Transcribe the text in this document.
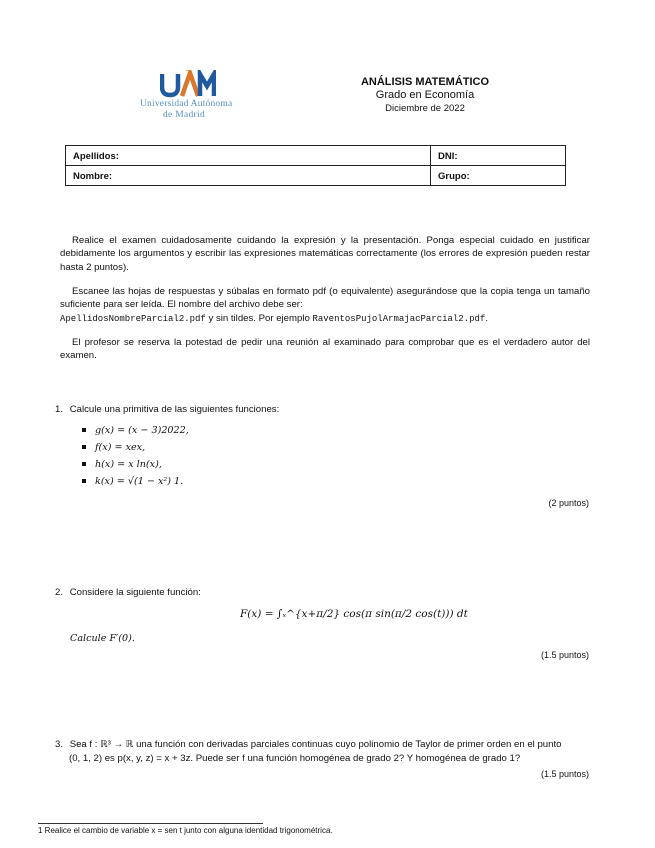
Universidad Autónoma
de Madrid
ANÁLISIS MATEMÁTICO
Grado en Economía
Diciembre de 2022
Apellidos:	DNI:
Nombre:	Grupo:
Realice el examen cuidadosamente cuidando la expresión y la presentación. Ponga especial cuidado en justificar debidamente los argumentos y escribir las expresiones matemáticas correctamente (los errores de expresión pueden restar hasta 2 puntos).
Escanee las hojas de respuestas y súbalas en formato pdf (o equivalente) asegurándose que la copia tenga un tamaño suficiente para ser leída. El nombre del archivo debe ser:
ApellidosNombreParcial2.pdf y sin tildes. Por ejemplo RaventosPujolArmajacParcial2.pdf.
El profesor se reserva la potestad de pedir una reunión al examinado para comprobar que es el verdadero autor del examen.
1. Calcule una primitiva de las siguientes funciones:
g(x) = (x − 3)2022,
f(x) = xex,
h(x) = x ln(x),
k(x) = √(1 − x²) 1.
(2 puntos)
2. Considere la siguiente función:
F(x) = ∫ₓ^{x+π/2} cos(π sin(π/2 cos(t))) dt
Calcule F′(0).
(1.5 puntos)
3. Sea f : ℝ³ → ℝ una función con derivadas parciales continuas cuyo polinomio de Taylor de primer orden en el punto
(0, 1, 2) es p(x, y, z) = x + 3z. Puede ser f una función homogénea de grado 2? Y homogénea de grado 1?
(1.5 puntos)
1 Realice el cambio de variable x = sen t junto con alguna identidad trigonométrica.
